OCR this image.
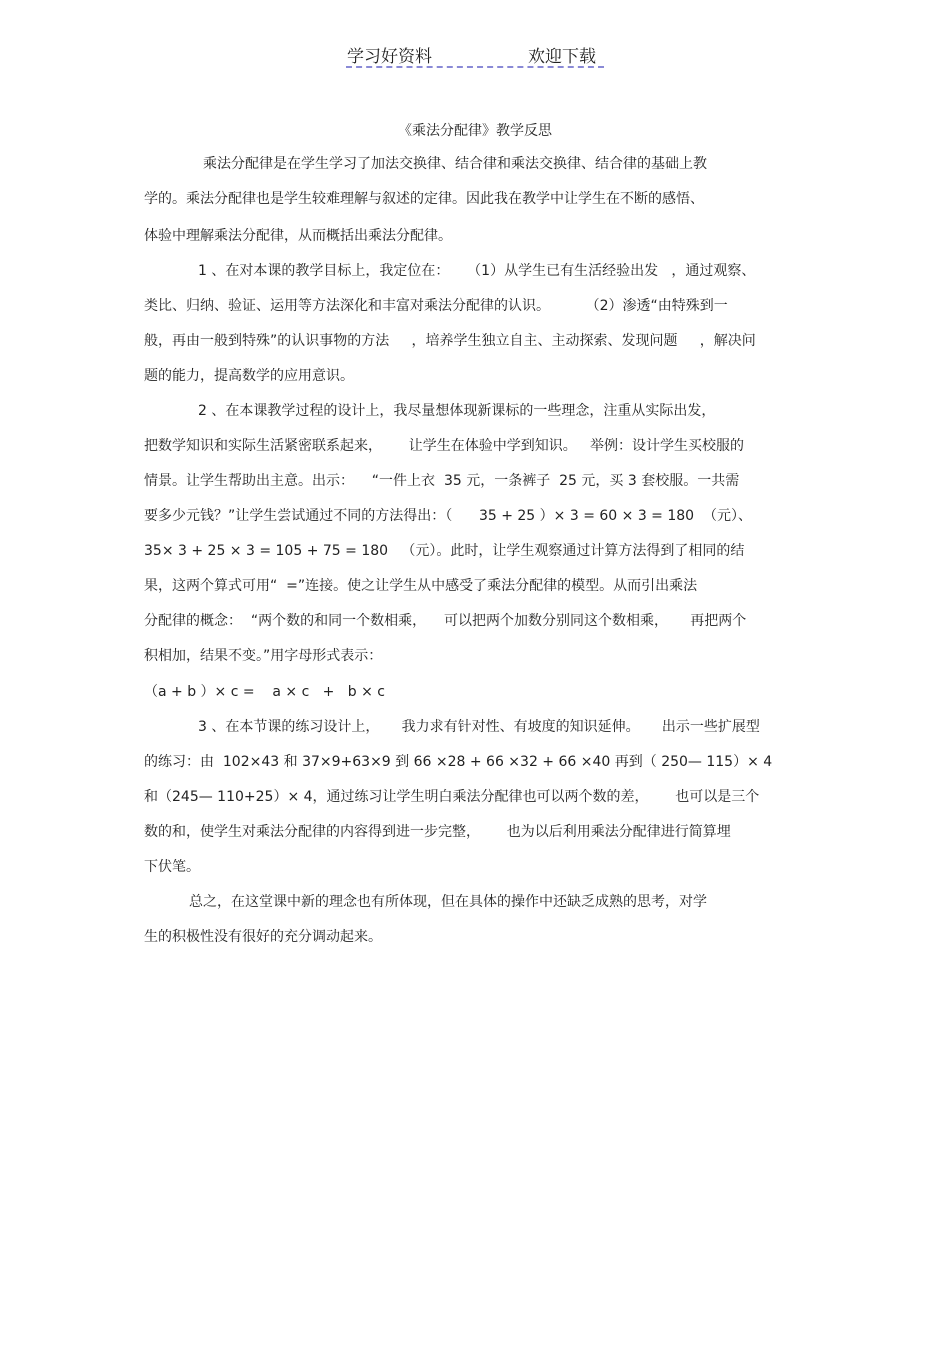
学习好资料	欢迎下载
《乘法分配律》教学反思
乘法分配律是在学生学习了加法交换律、结合律和乘法交换律、结合律的基础上教
学的。乘法分配律也是学生较难理解与叙述的定律。因此我在教学中让学生在不断的感悟、
体验中理解乘法分配律，从而概括出乘法分配律。
1 、在对本课的教学目标上，我定位在：    （1）从学生已有生活经验出发   ，通过观察、
类比、归纳、验证、运用等方法深化和丰富对乘法分配律的认识。        （2）渗透“由特殊到一
般，再由一般到特殊”的认识事物的方法     ，培养学生独立自主、主动探索、发现问题     ，解决问
题的能力，提高数学的应用意识。
2 、在本课教学过程的设计上，我尽量想体现新课标的一些理念，注重从实际出发，
把数学知识和实际生活紧密联系起来，      让学生在体验中学到知识。   举例：设计学生买校服的
情景。让学生帮助出主意。出示：    “一件上衣  35 元，一条裤子  25 元，买 3 套校服。一共需
要多少元钱？”让学生尝试通过不同的方法得出：（      35 + 25 ）× 3 = 60 × 3 = 180  （元）、
35× 3 + 25 × 3 = 105 + 75 = 180   （元）。此时，让学生观察通过计算方法得到了相同的结
果，这两个算式可用“  =”连接。使之让学生从中感受了乘法分配律的模型。从而引出乘法
分配律的概念：  “两个数的和同一个数相乘，    可以把两个加数分别同这个数相乘，     再把两个
积相加，结果不变。”用字母形式表示：
（a + b ）× c =    a × c   +   b × c
3 、在本节课的练习设计上，     我力求有针对性、有坡度的知识延伸。     出示一些扩展型
的练习：由  102×43 和 37×9+63×9 到 66 ×28 + 66 ×32 + 66 ×40 再到（ 250— 115）× 4
和（245— 110+25）× 4，通过练习让学生明白乘法分配律也可以两个数的差，      也可以是三个
数的和，使学生对乘法分配律的内容得到进一步完整，      也为以后利用乘法分配律进行简算埋
下伏笔。
总之，在这堂课中新的理念也有所体现，但在具体的操作中还缺乏成熟的思考，对学
生的积极性没有很好的充分调动起来。
